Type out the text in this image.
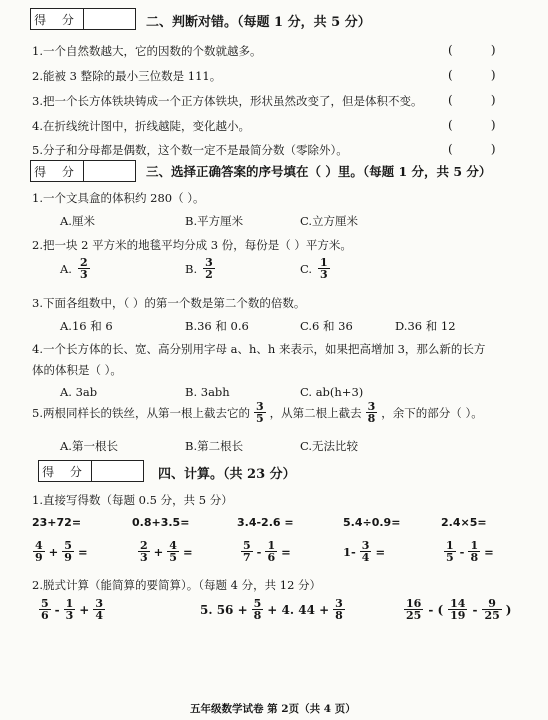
得 分	二、判断对错。（每题 1 分，共 5 分）
1.一个自然数越大，它的因数的个数就越多。	(          )
2.能被 3 整除的最小三位数是 111。	(          )
3.把一个长方体铁块铸成一个正方体铁块，形状虽然改变了，但是体积不变。 (          )
4.在折线统计图中，折线越陡，变化越小。	(          )
5.分子和分母都是偶数，这个数一定不是最简分数（零除外）。	(          )
得 分	三、选择正确答案的序号填在（ ）里。（每题 1 分，共 5 分）
1.一个文具盒的体积约 280（ ）。
A.厘米	B.平方厘米	C.立方厘米
2.把一块 2 平方米的地毯平均分成 3 份，每份是（ ）平方米。
A. $\frac{2}{3}$	B. $\frac{3}{2}$	C. $\frac{1}{3}$
3.下面各组数中，（ ）的第一个数是第二个数的倍数。
A.16 和 6	B.36 和 0.6	C.6 和 36	D.36 和 12
4.一个长方体的长、宽、高分别用字母 a、h、h 来表示，如果把高增加 3，那么新的长方
体的体积是（ ）。
A. 3ab	B. 3abh	C. ab(h+3)
5.两根同样长的铁丝，从第一根上截去它的 $\frac{3}{5}$ ，从第二根上截去 $\frac{3}{8}$ ，余下的部分（ ）。
A.第一根长	B.第二根长	C.无法比较
得 分	四、计算。（共 23 分）
1.直接写得数（每题 0.5 分，共 5 分）
23+72=	0.8+3.5=	3.4-2.6 =	5.4÷0.9=	2.4×5=
$\frac{4}{9} + \frac{5}{9}$ =	$\frac{2}{3} + \frac{4}{5}$ =	$\frac{5}{7} - \frac{1}{6}$ =	$1- \frac{3}{4}$ =	$\frac{1}{5} - \frac{1}{8}$ =
2.脱式计算（能简算的要简算）。（每题 4 分，共 12 分）
$\frac{5}{6} - \frac{1}{3} + \frac{3}{4}$	5. $56 + \frac{5}{8} + 4$. $44 + \frac{3}{8}$	$\frac{16}{25}$ - ( $\frac{14}{19} - \frac{9}{25}$ )
五年级数学试卷 第 2页（共 4 页）
